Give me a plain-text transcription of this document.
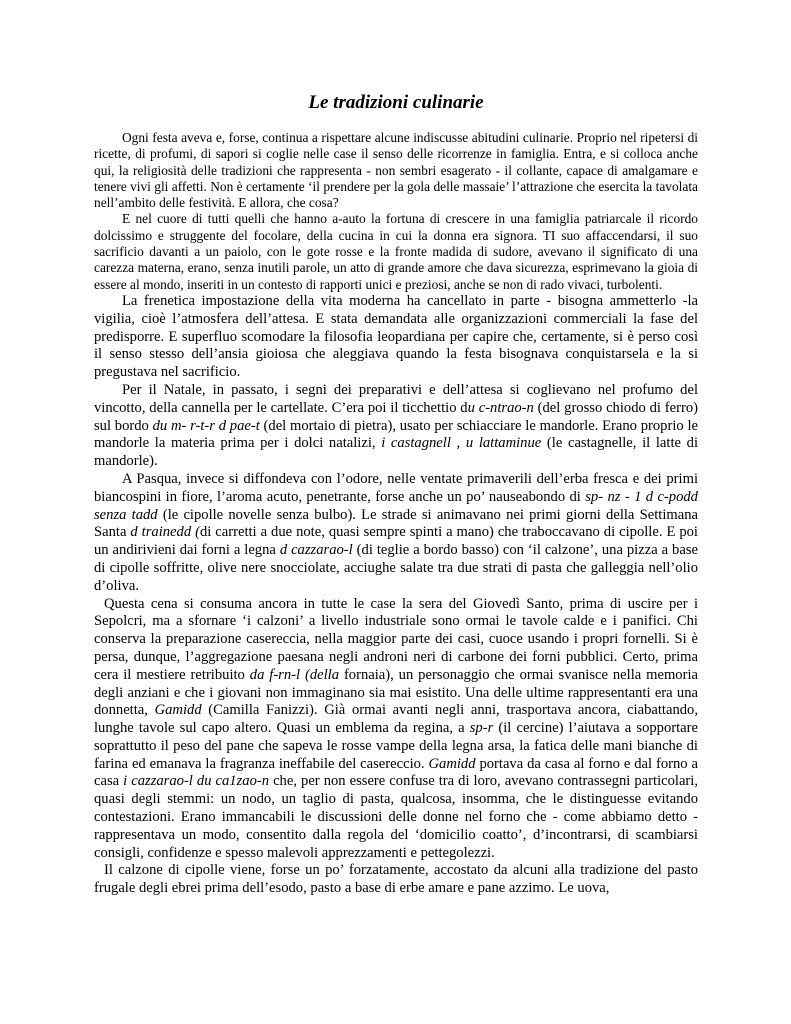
Le tradizioni culinarie

Ogni festa aveva e, forse, continua a rispettare alcune indiscusse abitudini culinarie. Proprio nel ripetersi di ricette, di profumi, di sapori si coglie nelle case il senso delle ricorrenze in famiglia. Entra, e si colloca anche qui, la religiosità delle tradizioni che rappresenta - non sembri esagerato - il collante, capace di amalgamare e tenere vivi gli affetti. Non è certamente ‘il prendere per la gola delle massaie’ l’attrazione che esercita la tavolata nell’ambito delle festività. E allora, che cosa?

E nel cuore di tutti quelli che hanno a-auto la fortuna di crescere in una famiglia patriarcale il ricordo dolcissimo e struggente del focolare, della cucina in cui la donna era signora. TI suo affaccendarsi, il suo sacrificio davanti a un paiolo, con le gote rosse e la fronte madida di sudore, avevano il significato di una carezza materna, erano, senza inutili parole, un atto di grande amore che dava sicurezza, esprimevano la gioia di essere al mondo, inseriti in un contesto di rapporti unici e preziosi, anche se non di rado vivaci, turbolenti.

La frenetica impostazione della vita moderna ha cancellato in parte - bisogna ammetterlo -la vigilia, cioè l’atmosfera dell’attesa. E stata demandata alle organizzazioni commerciali la fase del predisporre. E superfluo scomodare la filosofia leopardiana per capire che, certamente, si è perso così il senso stesso dell’ansia gioiosa che aleggiava quando la festa bisognava conquistarsela e la si pregustava nel sacrificio.

Per il Natale, in passato, i segni dei preparativi e dell’attesa si coglievano nel profumo del vincotto, della cannella per le cartellate. C’era poi il ticchettio du c-ntrao-n (del grosso chiodo di ferro) sul bordo du m- r-t-r d pae-t (del mortaio di pietra), usato per schiacciare le mandorle. Erano proprio le mandorle la materia prima per i dolci natalizi, i castagnell , u lattaminue (le castagnelle, il latte di mandorle).

A Pasqua, invece si diffondeva con l’odore, nelle ventate primaverili dell’erba fresca e dei primi biancospini in fiore, l’aroma acuto, penetrante, forse anche un po’ nauseabondo di sp- nz - 1 d c-podd senza tadd (le cipolle novelle senza bulbo). Le strade si animavano nei primi giorni della Settimana Santa d trainedd (di carretti a due note, quasi sempre spinti a mano) che traboccavano di cipolle. E poi un andirivieni dai forni a legna d cazzarao-l (di teglie a bordo basso) con ‘il calzone’, una pizza a base di cipolle soffritte, olive nere snocciolate, acciughe salate tra due strati di pasta che galleggia nell’olio d’oliva.

Questa cena si consuma ancora in tutte le case la sera del Giovedì Santo, prima di uscire per i Sepolcri, ma a sfornare ‘i calzoni’ a livello industriale sono ormai le tavole calde e i panifici. Chi conserva la preparazione casereccia, nella maggior parte dei casi, cuoce usando i propri fornelli. Si è persa, dunque, l’aggregazione paesana negli androni neri di carbone dei forni pubblici. Certo, prima cera il mestiere retribuito da f-rn-l (della fornaia), un personaggio che ormai svanisce nella memoria degli anziani e che i giovani non immaginano sia mai esistito. Una delle ultime rappresentanti era una donnetta, Gamidd (Camilla Fanizzi). Già ormai avanti negli anni, trasportava ancora, ciabattando, lunghe tavole sul capo altero. Quasi un emblema da regina, a sp-r (il cercine) l’aiutava a sopportare soprattutto il peso del pane che sapeva le rosse vampe della legna arsa, la fatica delle mani bianche di farina ed emanava la fragranza ineffabile del casereccio. Gamidd portava da casa al forno e dal forno a casa i cazzarao-l du ca1zao-n che, per non essere confuse tra di loro, avevano contrassegni particolari, quasi degli stemmi: un nodo, un taglio di pasta, qualcosa, insomma, che le distinguesse evitando contestazioni. Erano immancabili le discussioni delle donne nel forno che - come abbiamo detto - rappresentava un modo, consentito dalla regola del ‘domicilio coatto’, d’incontrarsi, di scambiarsi consigli, confidenze e spesso malevoli apprezzamenti e pettegolezzi.

Il calzone di cipolle viene, forse un po’ forzatamente, accostato da alcuni alla tradizione del pasto frugale degli ebrei prima dell’esodo, pasto a base di erbe amare e pane azzimo. Le uova,
